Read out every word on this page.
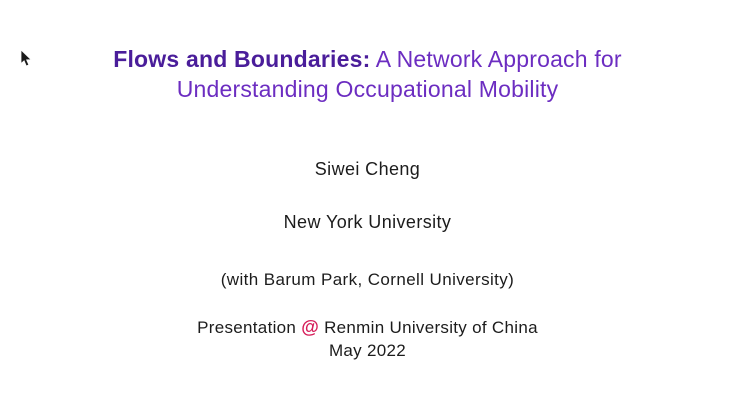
Flows and Boundaries: A Network Approach for
Understanding Occupational Mobility
Siwei Cheng
New York University
(with Barum Park, Cornell University)
Presentation @ Renmin University of China
May 2022
